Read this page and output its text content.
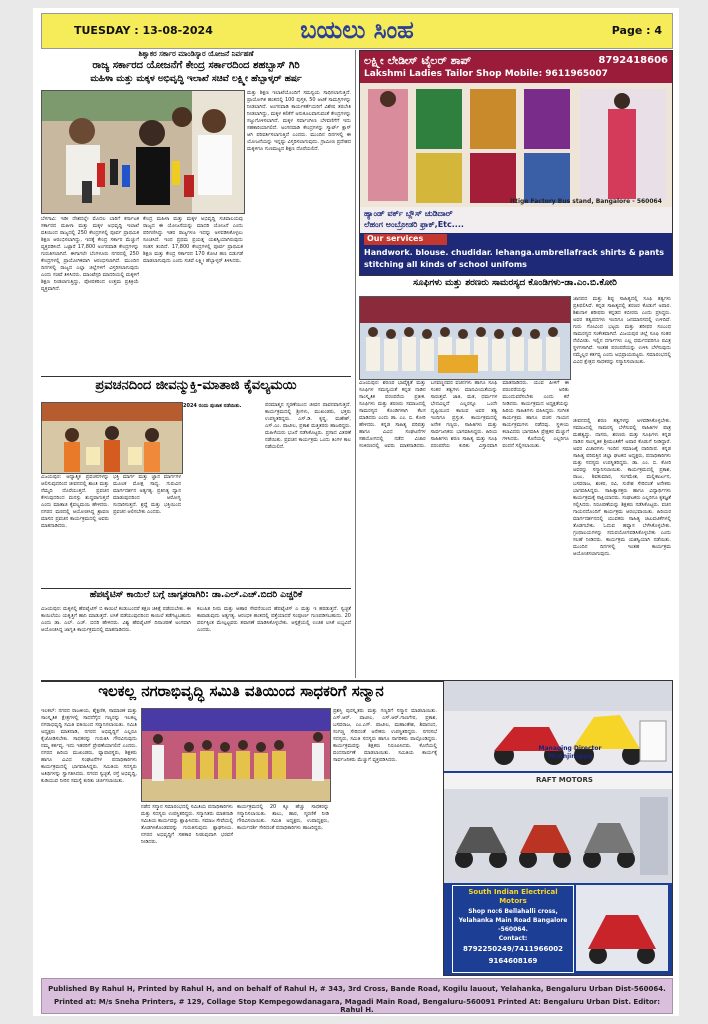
TUESDAY : 13-08-2024	ಬಯಲು ಸಿಂಹ	Page : 4
ಶಿಶ್ವಾಕರ ಸರ್ಕಾರ ಮಾಂಡಿಸ್ಯಾರ ಯೋಜನೆ ನಿರ್ವಹಣೆ
ರಾಜ್ಯ ಸರ್ಕಾರದ ಯೋಜನೆಗೆ ಕೇಂದ್ರ ಸರ್ಕಾರದಿಂದ ಶಹಬ್ಬಾಸ್ ಗಿರಿ
ಮಹಿಳಾ ಮತ್ತು ಮಕ್ಕಳ ಅಭಿವೃದ್ಧಿ ಇಲಾಖೆ ಸಚಿವೆ ಲಕ್ಷ್ಮೀ ಹೆಬ್ಬಾಳ್ಕರ್ ಹರ್ಷ
ಬೆಳಗಾವಿ: ಇಡೀ ದೇಶದಲ್ಲೇ ಮೊದಲ ಬಾರಿಗೆ ಕರ್ನಾಟಕ ಸರ್ಕಾರದ ಮಹಿಳಾ ಮತ್ತು ಮಕ್ಕಳ ಅಭಿವೃದ್ಧಿ ಇಲಾಖೆ ವತಿಯಿಂದ ರಾಜ್ಯದಲ್ಲಿ 250 ಕೇಂದ್ರಗಳಲ್ಲಿ ಪೂರ್ವ ಪ್ರಾಥಮಿಕ ಶಿಕ್ಷಣ ಆರಂಭಿಸಲಾಗಿದ್ದು, ಇದಕ್ಕೆ ಕೇಂದ್ರ ಸರ್ಕಾರ ಮೆಚ್ಚುಗೆ ವ್ಯಕ್ತಪಡಿಸಿದೆ. ಒಟ್ಟಾರೆ 17,800 ಅಂಗನವಾಡಿ ಕೇಂದ್ರಗಳನ್ನು ಗುರುತಿಸಲಾಗಿದೆ. ಈಗಾಗಲೇ ಬೆಂಗಳೂರು ನಗರದಲ್ಲಿ 250 ಕೇಂದ್ರಗಳಲ್ಲಿ ಪ್ರಾಯೋಗಿಕವಾಗಿ ಆರಂಭಿಸಲಾಗಿದೆ. ಮುಂದಿನ ದಿನಗಳಲ್ಲಿ ರಾಜ್ಯದ ಎಲ್ಲಾ ಜಿಲ್ಲೆಗಳಿಗೆ ವಿಸ್ತರಿಸಲಾಗುವುದು ಎಂದು ಸಚಿವೆ ತಿಳಿಸಿದರು. ಮಾಂಟೆಸ್ಸರಿ ಮಾದರಿಯಲ್ಲಿ ಮಕ್ಕಳಿಗೆ ಶಿಕ್ಷಣ ನೀಡಲಾಗುತ್ತಿದ್ದು, ಪೋಷಕರಿಂದ ಉತ್ತಮ ಪ್ರತಿಕ್ರಿಯೆ ವ್ಯಕ್ತವಾಗಿದೆ.
ಕೇಂದ್ರ ಮಹಿಳಾ ಮತ್ತು ಮಕ್ಕಳ ಅಭಿವೃದ್ಧಿ ಸಚಿವಾಲಯವು ರಾಜ್ಯದ ಈ ಯೋಜನೆಯನ್ನು ಮಾದರಿ ಯೋಜನೆ ಎಂದು ಪರಿಗಣಿಸಿದ್ದು ಇತರ ರಾಜ್ಯಗಳೂ ಇದನ್ನು ಅಳವಡಿಸಿಕೊಳ್ಳಲು ಸೂಚಿಸಿದೆ. ಇಂಥ ಪ್ರಥಮ ಪ್ರಯತ್ನ ಯಶಸ್ವಿಯಾಗಿರುವುದು ಸಂತಸ ತಂದಿದೆ. 17,800 ಕೇಂದ್ರಗಳಲ್ಲಿ ಪೂರ್ವ ಪ್ರಾಥಮಿಕ ಶಿಕ್ಷಣ ಮತ್ತು ಕೇಂದ್ರ ಸರ್ಕಾರದ 170 ಕೋಟಿ ಹಣ ಬಿಡುಗಡೆ ಮಾಡಲಾಗುವುದು ಎಂದು ಸಚಿವೆ ಲಕ್ಷ್ಮೀ ಹೆಬ್ಬಾಳ್ಕರ್ ತಿಳಿಸಿದರು.
ಮತ್ತು ಶಿಕ್ಷಣ ಇಲಾಖೆಯೊಂದಿಗೆ ಸಮನ್ವಯ ಸಾಧಿಸಲಾಗುತ್ತಿದೆ. ಪ್ರಾಯೋಗಿಕ ಹಂತದಲ್ಲಿ 100 ಪುಸ್ತಕ, 50 ಆಟಿಕೆ ಸಾಮಗ್ರಿಗಳನ್ನು ನೀಡಲಾಗಿದೆ. ಅಂಗನವಾಡಿ ಕಾರ್ಯಕರ್ತೆಯರಿಗೆ ವಿಶೇಷ ತರಬೇತಿ ನೀಡಲಾಗಿದ್ದು, ಮಕ್ಕಳ ಕಲಿಕೆಗೆ ಅನುಕೂಲವಾಗುವಂತೆ ಕೇಂದ್ರಗಳನ್ನು ಸಜ್ಜುಗೊಳಿಸಲಾಗಿದೆ. ಮಕ್ಕಳ ಸರ್ವಾಂಗೀಣ ಬೆಳವಣಿಗೆಗೆ ಇದು ಸಹಕಾರಿಯಾಗಲಿದೆ. ಅಂಗನವಾಡಿ ಕೇಂದ್ರಗಳನ್ನು ಸ್ಮಾರ್ಟ್ ಕ್ಲಾಸ್ ಆಗಿ ಪರಿವರ್ತಿಸಲಾಗುತ್ತಿದೆ ಎಂದರು. ಮುಂದಿನ ದಿನಗಳಲ್ಲಿ ಈ ಯೋಜನೆಯನ್ನು ಇನ್ನಷ್ಟು ವಿಸ್ತರಿಸಲಾಗುವುದು. ಗ್ರಾಮೀಣ ಪ್ರದೇಶದ ಮಕ್ಕಳಿಗೂ ಗುಣಮಟ್ಟದ ಶಿಕ್ಷಣ ದೊರೆಯಲಿದೆ.
ಪ್ರವಚನದಿಂದ ಜೀವನ್ಮುಕ್ತಿ-ಮಾತಾಜಿ ಕೈವಲ್ಯಮಯಿ
2024 ರಂದು ಪುಜಾತ ನಡೆಯಿತು.
ವಿಜಯಪುರ: ಆಧ್ಯಾತ್ಮಿಕ ಪ್ರವಚನಗಳನ್ನು ಆಲಿಸುವುದರಿಂದ ಜೀವನದಲ್ಲಿ ಶಾಂತಿ ಮತ್ತು ನೆಮ್ಮದಿ ದೊರೆಯುತ್ತದೆ. ಪ್ರವಚನ ಕೇಳುವುದರಿಂದ ಮನಸ್ಸು ಶುದ್ಧವಾಗುತ್ತದೆ ಎಂದು ಮಾತಾಜಿ ಕೈವಲ್ಯಮಯಿ ಹೇಳಿದರು. ನಗರದ ಮಠದಲ್ಲಿ ಆಯೋಜಿಸಿದ್ದ ಶ್ರಾವಣ ಮಾಸದ ಪ್ರವಚನ ಕಾರ್ಯಕ್ರಮದಲ್ಲಿ ಅವರು ಮಾತನಾಡಿದರು.
ಭಕ್ತಿ ಮಾರ್ಗ ಮತ್ತು ಜ್ಞಾನ ಮಾರ್ಗಗಳ ಮೂಲಕ ಮೋಕ್ಷ ಸಾಧ್ಯ. ಗುರುವಿನ ಮಾರ್ಗದರ್ಶನ ಅತ್ಯಗತ್ಯ. ಪ್ರತಿನಿತ್ಯ ಧ್ಯಾನ ಮಾಡುವುದರಿಂದ ಆರೋಗ್ಯ ಸುಧಾರಿಸುತ್ತದೆ. ಶ್ರದ್ಧೆ ಮತ್ತು ಭಕ್ತಿಯಿಂದ ಪ್ರವಚನ ಆಲಿಸಬೇಕು ಎಂದರು.
ಪರಮಾತ್ಮನ ಸ್ಮರಣೆಯಿಂದ ಜೀವನ ಪಾವನವಾಗುತ್ತದೆ. ಕಾರ್ಯಕ್ರಮದಲ್ಲಿ ಶ್ರೀಗಳು, ಮುಖಂಡರು, ಭಕ್ತರು ಉಪಸ್ಥಿತರಿದ್ದರು. ಎಸ್.ಡಿ. ಕೃಷ್ಣ, ಮಹೇಶ್, ಎಸ್.ಎಂ. ಪಾಟೀಲ, ಪ್ರಕಾಶ ಮತ್ತಿತರರು ಹಾಜರಿದ್ದರು. ಮಹಿಳೆಯರು ಭಜನೆ ನಡೆಸಿಕೊಟ್ಟರು. ಪ್ರಸಾದ ವಿತರಣೆ ನಡೆಯಿತು. ಪ್ರವಚನ ಕಾರ್ಯಕ್ರಮ ಒಂದು ತಿಂಗಳ ಕಾಲ ನಡೆಯಲಿದೆ.
ಹೆಪಟೈಟಿಸ್ ಕಾಯಿಲೆ ಬಗ್ಗೆ ಜಾಗೃತರಾಗಿರಿ: ಡಾ.ಎಲ್.ಎಚ್.ಬಿದರಿ ಎಚ್ಚರಿಕೆ
ವಿಜಯಪುರ: ಮಕ್ಕಳಲ್ಲಿ ಹೆಪಟೈಟಿಸ್ ಬಿ ಕಾಯಿಲೆ ಕಂಡುಬಂದರೆ ತಕ್ಷಣ ಚಿಕಿತ್ಸೆ ಪಡೆಯಬೇಕು. ಈ ಕಾಯಿಲೆಯು ಯಕೃತ್ತಿಗೆ ಹಾನಿ ಮಾಡುತ್ತದೆ. ಲಸಿಕೆ ಪಡೆಯುವುದರಿಂದ ಕಾಯಿಲೆ ತಡೆಗಟ್ಟಬಹುದು ಎಂದು ಡಾ. ಎಲ್. ಎಚ್. ಬಿದರಿ ಹೇಳಿದರು. ವಿಶ್ವ ಹೆಪಟೈಟಿಸ್ ದಿನಾಚರಣೆ ಅಂಗವಾಗಿ ಆಯೋಜಿಸಿದ್ದ ಜಾಗೃತಿ ಕಾರ್ಯಕ್ರಮದಲ್ಲಿ ಮಾತನಾಡಿದರು.
ಕಲುಷಿತ ನೀರು ಮತ್ತು ಆಹಾರ ಸೇವನೆಯಿಂದ ಹೆಪಟೈಟಿಸ್ ಎ ಮತ್ತು ಇ ಹರಡುತ್ತದೆ. ಸ್ವಚ್ಛತೆ ಕಾಪಾಡುವುದು ಅತ್ಯಗತ್ಯ. ಆರಂಭಿಕ ಹಂತದಲ್ಲಿ ಪತ್ತೆಯಾದರೆ ಸಂಪೂರ್ಣ ಗುಣಪಡಿಸಬಹುದು. 20 ವರ್ಷಕ್ಕಿಂತ ಮೇಲ್ಪಟ್ಟವರು ತಪಾಸಣೆ ಮಾಡಿಸಿಕೊಳ್ಳಬೇಕು. ಆಸ್ಪತ್ರೆಯಲ್ಲಿ ಉಚಿತ ಲಸಿಕೆ ಲಭ್ಯವಿದೆ ಎಂದರು.
ಲಕ್ಷ್ಮೀ ಲೇಡೀಸ್ ಟೈಲರ್ ಶಾಪ್	8792418606
Lakshmi Ladies Tailor Shop Mobile: 9611965007
ಹ್ಯಾಂಡ್ ವರ್ಕ್ ಬ್ಲೌಸ್ ಚುಡಿದಾರ್
ಲೆಹಂಗ ಅಂಬ್ರೋಡರಿ ಫ್ರಾಕ್,Etc....
Ittige Factory Bus stand, Bangalore - 560064
Our services
Handwork. blouse. chudidar. lehanga.umbrellafrack shirts & pants stitching all kinds of school unifoms
ಸೂಫಿಗಳು ಮತ್ತು ಶರಣರು ಸಾಮರಸ್ಯದ ಕೊಂಡಿಗಳು-ಡಾ.ಎಂ.ಬಿ.ಕೋರಿ
ವಿಜಯಪುರ: ಶರಣರ ಭಾವೈಕ್ಯತೆ ಮತ್ತು ಸೂಫಿಗಳ ಸಮನ್ವಯತೆ ಕನ್ನಡ ನಾಡಿನ ಸಾಂಸ್ಕೃತಿಕ ಪರಂಪರೆಯ ಪ್ರತೀಕ. ಸೂಫಿಗಳು ಮತ್ತು ಶರಣರು ಸಮಾಜದಲ್ಲಿ ಸಾಮರಸ್ಯದ ಕೊಂಡಿಗಳಾಗಿ ಕೆಲಸ ಮಾಡಿದರು ಎಂದು ಡಾ. ಎಂ. ಬಿ. ಕೋರಿ ಹೇಳಿದರು. ಕನ್ನಡ ಸಾಹಿತ್ಯ ಪರಿಷತ್ತು ಹಾಗೂ ವಿವಿಧ ಸಂಘಟನೆಗಳ ಸಹಯೋಗದಲ್ಲಿ ನಡೆದ ವಿಚಾರ ಸಂಕಿರಣದಲ್ಲಿ ಅವರು ಮಾತನಾಡಿದರು. ಬಸವಣ್ಣನವರ ವಚನಗಳು ಹಾಗೂ ಸೂಫಿ ಸಂತರ ತತ್ವಗಳು ಮಾನವೀಯತೆಯನ್ನು ಸಾರುತ್ತವೆ. ಜಾತಿ, ಮತ, ಧರ್ಮಗಳ ಭೇದವಿಲ್ಲದೆ ಎಲ್ಲರನ್ನೂ ಒಂದೇ ದೃಷ್ಟಿಯಿಂದ ಕಾಣುವ ಅವರ ತತ್ವ ಇಂದಿಗೂ ಪ್ರಸ್ತುತ. ಕಾರ್ಯಕ್ರಮದಲ್ಲಿ ಅನೇಕ ಗಣ್ಯರು, ಸಾಹಿತಿಗಳು ಮತ್ತು ಸಾರ್ವಜನಿಕರು ಭಾಗವಹಿಸಿದ್ದರು. ಹಿರಿಯ ಸಾಹಿತಿಗಳು ಶರಣ ಸಾಹಿತ್ಯ ಮತ್ತು ಸೂಫಿ ಪರಂಪರೆಯ ಕುರಿತು ವಿಸ್ತಾರವಾಗಿ ಮಾತನಾಡಿದರು. ಯುವ ಪೀಳಿಗೆ ಈ ಪರಂಪರೆಯನ್ನು ಅರಿತು ಮುಂದುವರೆಸಬೇಕು ಎಂದು ಕರೆ ನೀಡಿದರು. ಕಾರ್ಯಕ್ರಮದ ಅಧ್ಯಕ್ಷತೆಯನ್ನು ಹಿರಿಯ ಸಾಹಿತಿಗಳು ವಹಿಸಿದ್ದರು. ಸಂಗೀತ ಕಾರ್ಯಕ್ರಮ ಹಾಗೂ ವಚನ ಗಾಯನ ಕಾರ್ಯಕ್ರಮಗಳು ನಡೆದವು. ಸ್ಥಳೀಯ ಕಲಾವಿದರು ಭಾಗವಹಿಸಿ ಪ್ರೇಕ್ಷಕರ ಮೆಚ್ಚುಗೆ ಗಳಿಸಿದರು. ಕೊನೆಯಲ್ಲಿ ಎಲ್ಲರಿಗೂ ವಂದನೆ ಸಲ್ಲಿಸಲಾಯಿತು.
ಜಾನಪದ ಮತ್ತು ಶಿಷ್ಟ ಸಾಹಿತ್ಯದಲ್ಲಿ ಸೂಫಿ ತತ್ವಗಳು ಪ್ರತಿಫಲಿಸಿವೆ. ಕನ್ನಡ ಸಾಹಿತ್ಯದಲ್ಲಿ ಶರಣರ ಕೊಡುಗೆ ಅಪಾರ. ಶಿಶುನಾಳ ಶರೀಫರು ಕನ್ನಡದ ಕಬೀರರು ಎಂದು ಪ್ರಸಿದ್ಧರು. ಅವರ ತತ್ವಪದಗಳು ಇಂದಿಗೂ ಜನಮಾನಸದಲ್ಲಿ ಉಳಿದಿವೆ. ಗುರು ಗೋವಿಂದ ಭಟ್ಟರು ಮತ್ತು ಶರೀಫರ ಸಂಬಂಧ ಸಾಮರಸ್ಯದ ಸಂಕೇತವಾಗಿದೆ. ವಿಜಯಪುರ ಜಿಲ್ಲೆ ಸೂಫಿ ಸಂತರ ನೆಲೆವೀಡು. ಇಲ್ಲಿನ ದರ್ಗಾಗಳು ಎಲ್ಲ ಧರ್ಮದವರಿಗೂ ಪವಿತ್ರ ಸ್ಥಳಗಳಾಗಿವೆ. ಇಂತಹ ಪರಂಪರೆಯನ್ನು ಉಳಿಸಿ ಬೆಳೆಸುವುದು ನಮ್ಮೆಲ್ಲರ ಕರ್ತವ್ಯ ಎಂದು ಅಭಿಪ್ರಾಯಪಟ್ಟರು. ಸಮಾರಂಭದಲ್ಲಿ ವಿವಿಧ ಕ್ಷೇತ್ರದ ಸಾಧಕರನ್ನು ಸನ್ಮಾನಿಸಲಾಯಿತು.
ಜೀವನದಲ್ಲಿ ಶರಣ ತತ್ವಗಳನ್ನು ಅಳವಡಿಸಿಕೊಳ್ಳಬೇಕು. ಸಮಾಜದಲ್ಲಿ ಸಾಮರಸ್ಯ ಬೆಳೆಸುವಲ್ಲಿ ಸಾಹಿತಿಗಳ ಪಾತ್ರ ಮಹತ್ವದ್ದು. ದಾಸರು, ಶರಣರು ಮತ್ತು ಸೂಫಿಗಳು ಕನ್ನಡ ನಾಡಿನ ಸಾಂಸ್ಕೃತಿಕ ಶ್ರೀಮಂತಿಕೆಗೆ ಅಪಾರ ಕೊಡುಗೆ ನೀಡಿದ್ದಾರೆ. ಅವರ ವಿಚಾರಗಳು ಇಂದಿನ ಸಮಾಜಕ್ಕೆ ದಾರಿದೀಪ. ಕನ್ನಡ ಸಾಹಿತ್ಯ ಪರಿಷತ್ತಿನ ಜಿಲ್ಲಾ ಘಟಕದ ಅಧ್ಯಕ್ಷರು, ಪದಾಧಿಕಾರಿಗಳು ಮತ್ತು ಸದಸ್ಯರು ಉಪಸ್ಥಿತರಿದ್ದರು. ಡಾ. ಎಂ. ಬಿ. ಕೋರಿ ಅವರನ್ನು ಸನ್ಮಾನಿಸಲಾಯಿತು. ಕಾರ್ಯಕ್ರಮದಲ್ಲಿ ಪ್ರಕಾಶ, ರಾಜು, ಶಿವಕುಮಾರ, ಸಂಗಮೇಶ, ಮಲ್ಲಿಕಾರ್ಜುನ, ಬಸವರಾಜ, ಶಂಕರ, ರವಿ, ಸುರೇಶ ಸೇರಿದಂತೆ ಅನೇಕರು ಭಾಗವಹಿಸಿದ್ದರು. ಸಾಹಿತ್ಯಾಸಕ್ತರು ಹಾಗೂ ವಿದ್ಯಾರ್ಥಿಗಳು ಕಾರ್ಯಕ್ರಮಕ್ಕೆ ಸಾಕ್ಷಿಯಾದರು. ಸಂಘಟಕರು ಎಲ್ಲರಿಗೂ ಕೃತಜ್ಞತೆ ಸಲ್ಲಿಸಿದರು. ನಿರೂಪಣೆಯನ್ನು ಶಿಕ್ಷಕರು ನಡೆಸಿಕೊಟ್ಟರು. ವಚನ ಗಾಯನದೊಂದಿಗೆ ಕಾರ್ಯಕ್ರಮ ಆರಂಭವಾಯಿತು. ಹಿರಿಯರ ಮಾರ್ಗದರ್ಶನದಲ್ಲಿ ಯುವಕರು ಸಾಹಿತ್ಯ ಚಟುವಟಿಕೆಗಳಲ್ಲಿ ತೊಡಗಬೇಕು. ಓದುವ ಹವ್ಯಾಸ ಬೆಳೆಸಿಕೊಳ್ಳಬೇಕು. ಗ್ರಂಥಾಲಯಗಳನ್ನು ಸದುಪಯೋಗಪಡಿಸಿಕೊಳ್ಳಬೇಕು ಎಂದು ಸಲಹೆ ನೀಡಿದರು. ಕಾರ್ಯಕ್ರಮ ಯಶಸ್ವಿಯಾಗಿ ನಡೆಯಿತು. ಮುಂದಿನ ದಿನಗಳಲ್ಲಿ ಇಂತಹ ಕಾರ್ಯಕ್ರಮ ಆಯೋಜಿಸಲಾಗುವುದು.
ಇಲಕಲ್ಲ ನಗರಾಭಿವೃದ್ಧಿ ಸಮಿತಿ ವತಿಯಿಂದ ಸಾಧಕರಿಗೆ ಸನ್ಮಾನ
ಇಲಕಲ್: ನಗರದ ರಾಜಕೀಯ, ಶೈಕ್ಷಣಿಕ, ಸಾಮಾಜಿಕ ಮತ್ತು ಸಾಂಸ್ಕೃತಿಕ ಕ್ಷೇತ್ರಗಳಲ್ಲಿ ಸಾಧನೆಗೈದ ಗಣ್ಯರನ್ನು ಇಲಕಲ್ಲ ನಗರಾಭಿವೃದ್ಧಿ ಸಮಿತಿ ವತಿಯಿಂದ ಸನ್ಮಾನಿಸಲಾಯಿತು. ಸಮಿತಿ ಅಧ್ಯಕ್ಷರು ಮಾತನಾಡಿ, ನಗರದ ಅಭಿವೃದ್ಧಿಗೆ ಎಲ್ಲರೂ ಕೈಜೋಡಿಸಬೇಕು. ಸಾಧಕರನ್ನು ಗುರುತಿಸಿ ಗೌರವಿಸುವುದು ನಮ್ಮ ಕರ್ತವ್ಯ. ಇದು ಇತರರಿಗೆ ಪ್ರೇರಣೆಯಾಗಲಿದೆ ಎಂದರು. ನಗರದ ಹಿರಿಯ ಮುಖಂಡರು, ವ್ಯಾಪಾರಸ್ಥರು, ಶಿಕ್ಷಕರು ಹಾಗೂ ವಿವಿಧ ಸಂಘಟನೆಗಳ ಪದಾಧಿಕಾರಿಗಳು ಕಾರ್ಯಕ್ರಮದಲ್ಲಿ ಭಾಗವಹಿಸಿದ್ದರು. ಸಮಿತಿಯ ಸದಸ್ಯರು ಅತಿಥಿಗಳನ್ನು ಸ್ವಾಗತಿಸಿದರು. ನಗರದ ಸ್ವಚ್ಛತೆ, ರಸ್ತೆ ಅಭಿವೃದ್ಧಿ, ಕುಡಿಯುವ ನೀರಿನ ಸಮಸ್ಯೆ ಕುರಿತು ಚರ್ಚಿಸಲಾಯಿತು.
ನಡೆದ ಸನ್ಮಾನ ಸಮಾರಂಭದಲ್ಲಿ ಸಮಿತಿಯ ಪದಾಧಿಕಾರಿಗಳು ಮತ್ತು ಸದಸ್ಯರು ಉಪಸ್ಥಿತರಿದ್ದರು. ಸನ್ಮಾನಿತರು ಮಾತನಾಡಿ ಸಮಿತಿಯ ಕಾರ್ಯವನ್ನು ಶ್ಲಾಘಿಸಿದರು. ಸಮಾಜ ಸೇವೆಯಲ್ಲಿ ತೊಡಗಿಸಿಕೊಂಡವರನ್ನು ಗುರುತಿಸುವುದು ಶ್ಲಾಘನೀಯ. ನಗರದ ಅಭಿವೃದ್ಧಿಗೆ ಸಹಕಾರ ನೀಡುವುದಾಗಿ ಭರವಸೆ ನೀಡಿದರು.
ಕಾರ್ಯಕ್ರಮದಲ್ಲಿ 20 ಕ್ಕೂ ಹೆಚ್ಚು ಸಾಧಕರನ್ನು ಸನ್ಮಾನಿಸಲಾಯಿತು. ಶಾಲು, ಹಾರ, ಸ್ಮರಣಿಕೆ ನೀಡಿ ಗೌರವಿಸಲಾಯಿತು. ಸಮಿತಿ ಅಧ್ಯಕ್ಷರು, ಉಪಾಧ್ಯಕ್ಷರು, ಕಾರ್ಯದರ್ಶಿ ಸೇರಿದಂತೆ ಪದಾಧಿಕಾರಿಗಳು ಹಾಜರಿದ್ದರು.
ಪ್ರಶಸ್ತಿ ಪುರಸ್ಕೃತರು ಮತ್ತು ಗಣ್ಯರಿಗೆ ಸನ್ಮಾನ ಮಾಡಲಾಯಿತು. ಎಸ್.ಆರ್. ಪಾಟೀಲ, ಎಸ್.ಆರ್.ಗಾಣಗೇರ, ಪ್ರಕಾಶ, ಬಸವರಾಜ, ಎಂ.ಎಸ್. ಪಾಟೀಲ, ಮಹಾಂತೇಶ, ಶಿವಾನಂದ, ಸಂಗಣ್ಣ ಸೇರಿದಂತೆ ಅನೇಕರು ಉಪಸ್ಥಿತರಿದ್ದರು. ನಗರಸಭೆ ಸದಸ್ಯರು, ಸಮಿತಿ ಸದಸ್ಯರು ಹಾಗೂ ನಾಗರಿಕರು ಪಾಲ್ಗೊಂಡಿದ್ದರು. ಕಾರ್ಯಕ್ರಮವನ್ನು ಶಿಕ್ಷಕರು ನಿರೂಪಿಸಿದರು. ಕೊನೆಯಲ್ಲಿ ವಂದನಾರ್ಪಣೆ ಮಾಡಲಾಯಿತು. ಸಮಿತಿಯ ಕಾರ್ಯಕ್ಕೆ ಸಾರ್ವಜನಿಕರು ಮೆಚ್ಚುಗೆ ವ್ಯಕ್ತಪಡಿಸಿದರು.
Managing Director
Mr.Anjinappa
RAFT MOTORS
South Indian Electrical Motors
Shop no:6 Bellahalli cross, Yelahanka Main Road Bangalore -560064.
Contact:
8792250249/7411966002
9164608169
Published By Rahul H, Printed by Rahul H, and on behalf of Rahul H, # 343, 3rd Cross, Bande Road, Kogilu lauout, Yelahanka, Bengaluru Urban Dist-560064.
Printed at: M/s Sneha Printers, # 129, Collage Stop Kempegowdanagara, Magadi Main Road, Bengaluru-560091 Printed At: Bengaluru Urban Dist. Editor: Rahul H.
